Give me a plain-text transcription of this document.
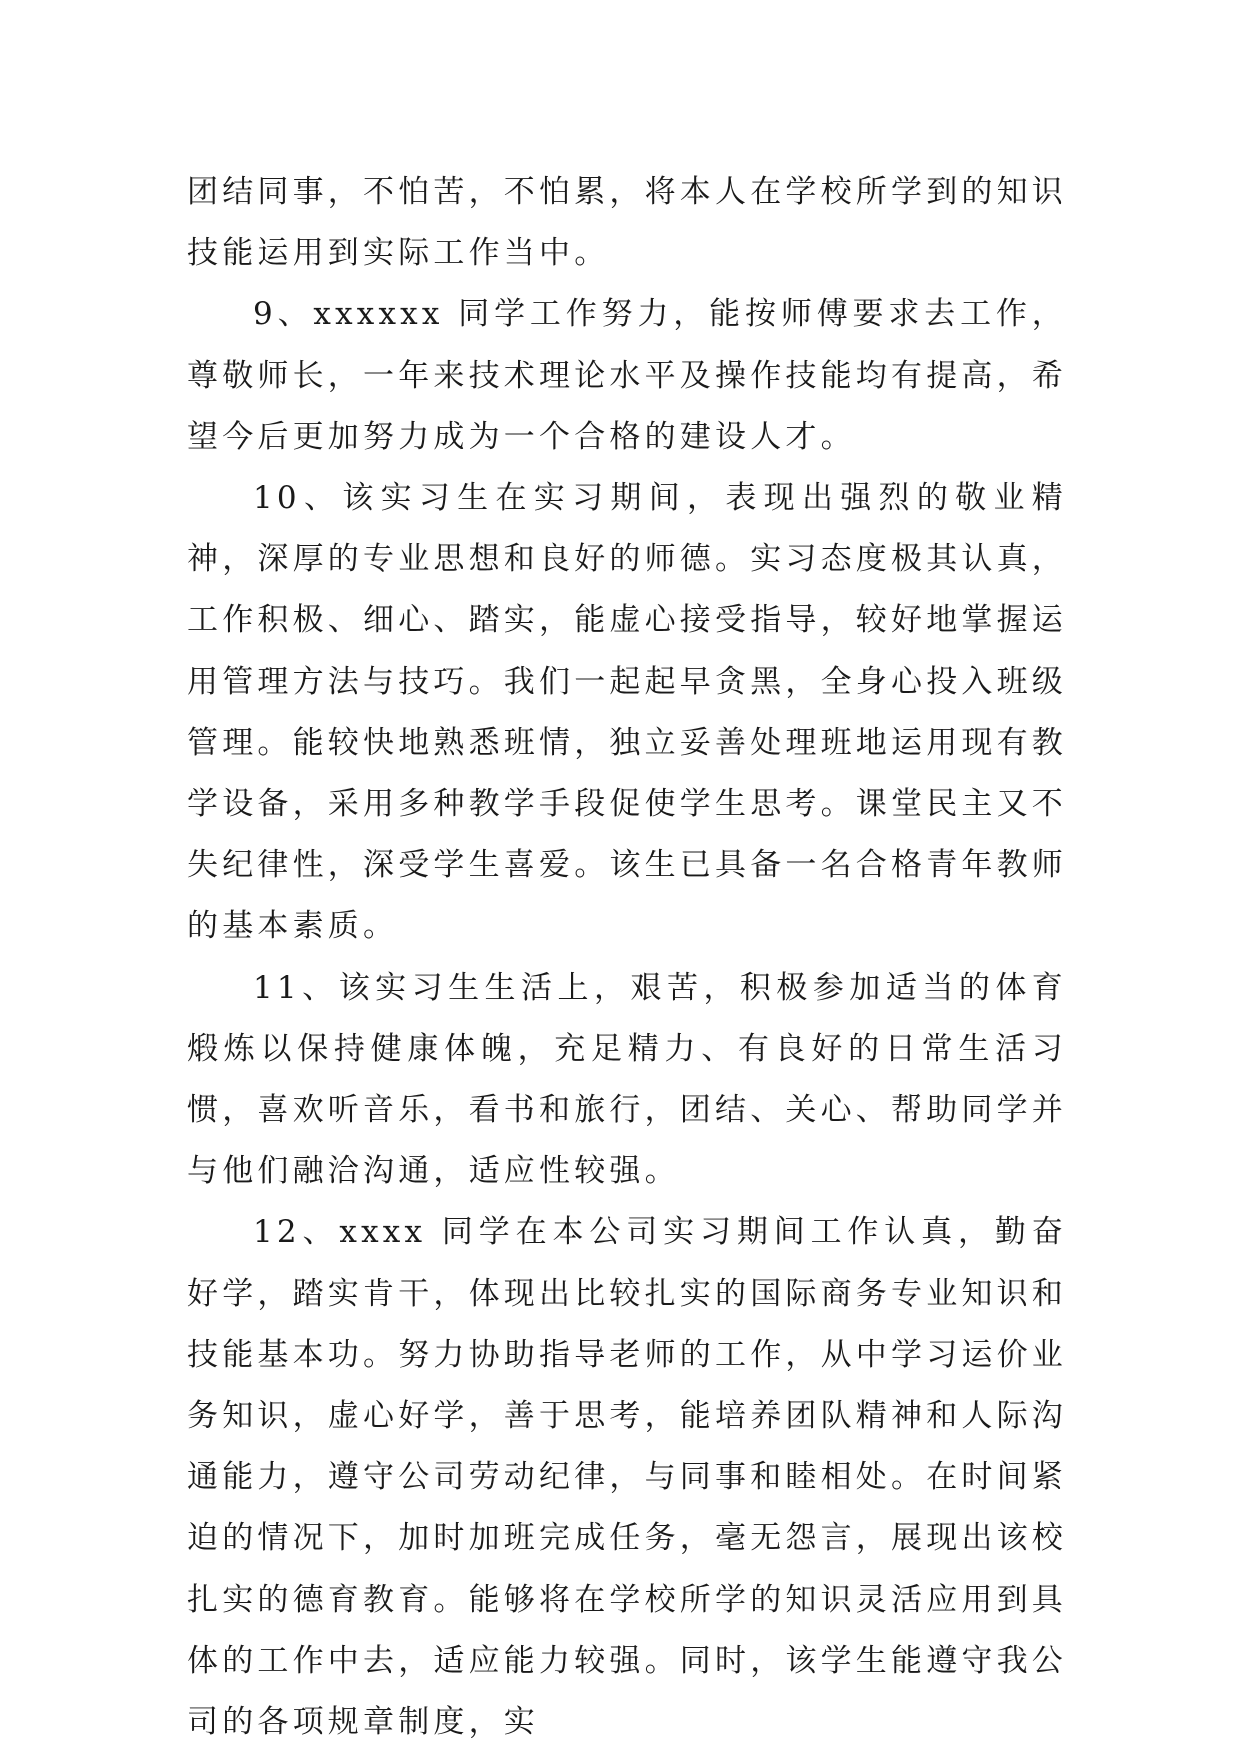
团结同事，不怕苦，不怕累，将本人在学校所学到的知识技能运用到实际工作当中。

9、xxxxxx 同学工作努力，能按师傅要求去工作，尊敬师长，一年来技术理论水平及操作技能均有提高，希望今后更加努力成为一个合格的建设人才。

10、该实习生在实习期间，表现出强烈的敬业精神，深厚的专业思想和良好的师德。实习态度极其认真，工作积极、细心、踏实，能虚心接受指导，较好地掌握运用管理方法与技巧。我们一起起早贪黑，全身心投入班级管理。能较快地熟悉班情，独立妥善处理班地运用现有教学设备，采用多种教学手段促使学生思考。课堂民主又不失纪律性，深受学生喜爱。该生已具备一名合格青年教师的基本素质。

11、该实习生生活上，艰苦，积极参加适当的体育煅炼以保持健康体魄，充足精力、有良好的日常生活习惯，喜欢听音乐，看书和旅行，团结、关心、帮助同学并与他们融洽沟通，适应性较强。

12、xxxx 同学在本公司实习期间工作认真，勤奋好学，踏实肯干，体现出比较扎实的国际商务专业知识和技能基本功。努力协助指导老师的工作，从中学习运价业务知识，虚心好学，善于思考，能培养团队精神和人际沟通能力，遵守公司劳动纪律，与同事和睦相处。在时间紧迫的情况下，加时加班完成任务，毫无怨言，展现出该校扎实的德育教育。能够将在学校所学的知识灵活应用到具体的工作中去，适应能力较强。同时，该学生能遵守我公司的各项规章制度，实
